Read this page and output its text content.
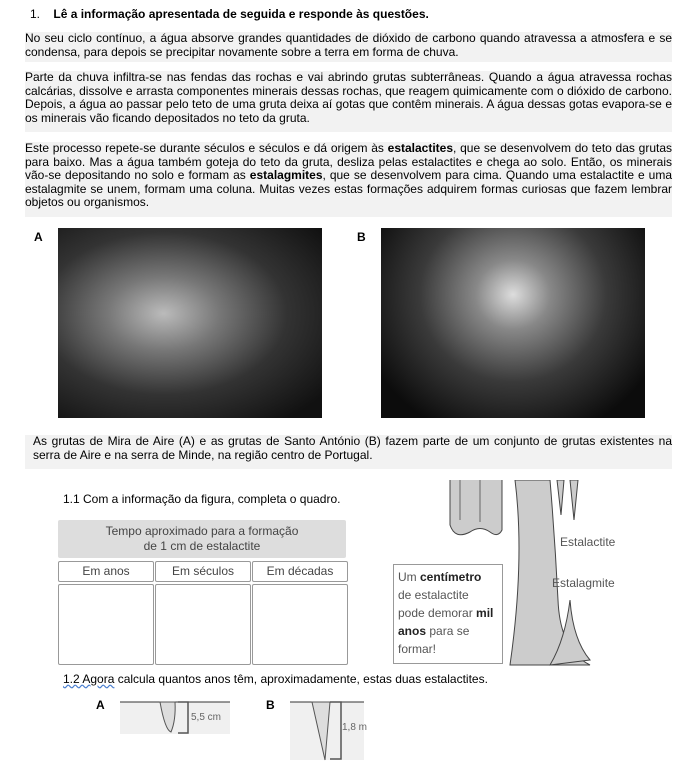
1. Lê a informação apresentada de seguida e responde às questões.
No seu ciclo contínuo, a água absorve grandes quantidades de dióxido de carbono quando atravessa a atmosfera e se condensa, para depois se precipitar novamente sobre a terra em forma de chuva.
Parte da chuva infiltra-se nas fendas das rochas e vai abrindo grutas subterrâneas. Quando a água atravessa rochas calcárias, dissolve e arrasta componentes minerais dessas rochas, que reagem quimicamente com o dióxido de carbono. Depois, a água ao passar pelo teto de uma gruta deixa aí gotas que contêm minerais. A água dessas gotas evapora-se e os minerais vão ficando depositados no teto da gruta.
Este processo repete-se durante séculos e séculos e dá origem às estalactites, que se desenvolvem do teto das grutas para baixo. Mas a água também goteja do teto da gruta, desliza pelas estalactites e chega ao solo. Então, os minerais vão-se depositando no solo e formam as estalagmites, que se desenvolvem para cima. Quando uma estalactite e uma estalagmite se unem, formam uma coluna. Muitas vezes estas formações adquirem formas curiosas que fazem lembrar objetos ou organismos.
A	B
As grutas de Mira de Aire (A) e as grutas de Santo António (B) fazem parte de um conjunto de grutas existentes na serra de Aire e na serra de Minde, na região centro de Portugal.
1.1 Com a informação da figura, completa o quadro.
Tempo aproximado para a formação de 1 cm de estalactite
Em anos	Em séculos	Em décadas
Estalactite
Estalagmite
Um centímetro de estalactite pode demorar mil anos para se formar!
1.2 Agora calcula quantos anos têm, aproximadamente, estas duas estalactites.
A
5,5 cm
B
1,8 m
